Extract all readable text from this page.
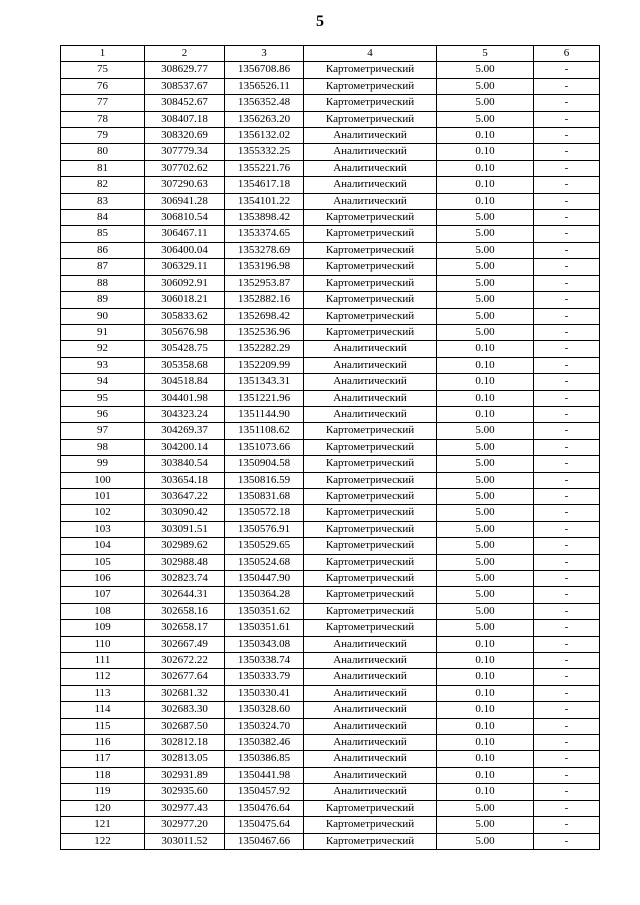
5
1	2	3	4	5	6
75	308629.77	1356708.86	Картометрический	5.00	-
76	308537.67	1356526.11	Картометрический	5.00	-
77	308452.67	1356352.48	Картометрический	5.00	-
78	308407.18	1356263.20	Картометрический	5.00	-
79	308320.69	1356132.02	Аналитический	0.10	-
80	307779.34	1355332.25	Аналитический	0.10	-
81	307702.62	1355221.76	Аналитический	0.10	-
82	307290.63	1354617.18	Аналитический	0.10	-
83	306941.28	1354101.22	Аналитический	0.10	-
84	306810.54	1353898.42	Картометрический	5.00	-
85	306467.11	1353374.65	Картометрический	5.00	-
86	306400.04	1353278.69	Картометрический	5.00	-
87	306329.11	1353196.98	Картометрический	5.00	-
88	306092.91	1352953.87	Картометрический	5.00	-
89	306018.21	1352882.16	Картометрический	5.00	-
90	305833.62	1352698.42	Картометрический	5.00	-
91	305676.98	1352536.96	Картометрический	5.00	-
92	305428.75	1352282.29	Аналитический	0.10	-
93	305358.68	1352209.99	Аналитический	0.10	-
94	304518.84	1351343.31	Аналитический	0.10	-
95	304401.98	1351221.96	Аналитический	0.10	-
96	304323.24	1351144.90	Аналитический	0.10	-
97	304269.37	1351108.62	Картометрический	5.00	-
98	304200.14	1351073.66	Картометрический	5.00	-
99	303840.54	1350904.58	Картометрический	5.00	-
100	303654.18	1350816.59	Картометрический	5.00	-
101	303647.22	1350831.68	Картометрический	5.00	-
102	303090.42	1350572.18	Картометрический	5.00	-
103	303091.51	1350576.91	Картометрический	5.00	-
104	302989.62	1350529.65	Картометрический	5.00	-
105	302988.48	1350524.68	Картометрический	5.00	-
106	302823.74	1350447.90	Картометрический	5.00	-
107	302644.31	1350364.28	Картометрический	5.00	-
108	302658.16	1350351.62	Картометрический	5.00	-
109	302658.17	1350351.61	Картометрический	5.00	-
110	302667.49	1350343.08	Аналитический	0.10	-
111	302672.22	1350338.74	Аналитический	0.10	-
112	302677.64	1350333.79	Аналитический	0.10	-
113	302681.32	1350330.41	Аналитический	0.10	-
114	302683.30	1350328.60	Аналитический	0.10	-
115	302687.50	1350324.70	Аналитический	0.10	-
116	302812.18	1350382.46	Аналитический	0.10	-
117	302813.05	1350386.85	Аналитический	0.10	-
118	302931.89	1350441.98	Аналитический	0.10	-
119	302935.60	1350457.92	Аналитический	0.10	-
120	302977.43	1350476.64	Картометрический	5.00	-
121	302977.20	1350475.64	Картометрический	5.00	-
122	303011.52	1350467.66	Картометрический	5.00	-
